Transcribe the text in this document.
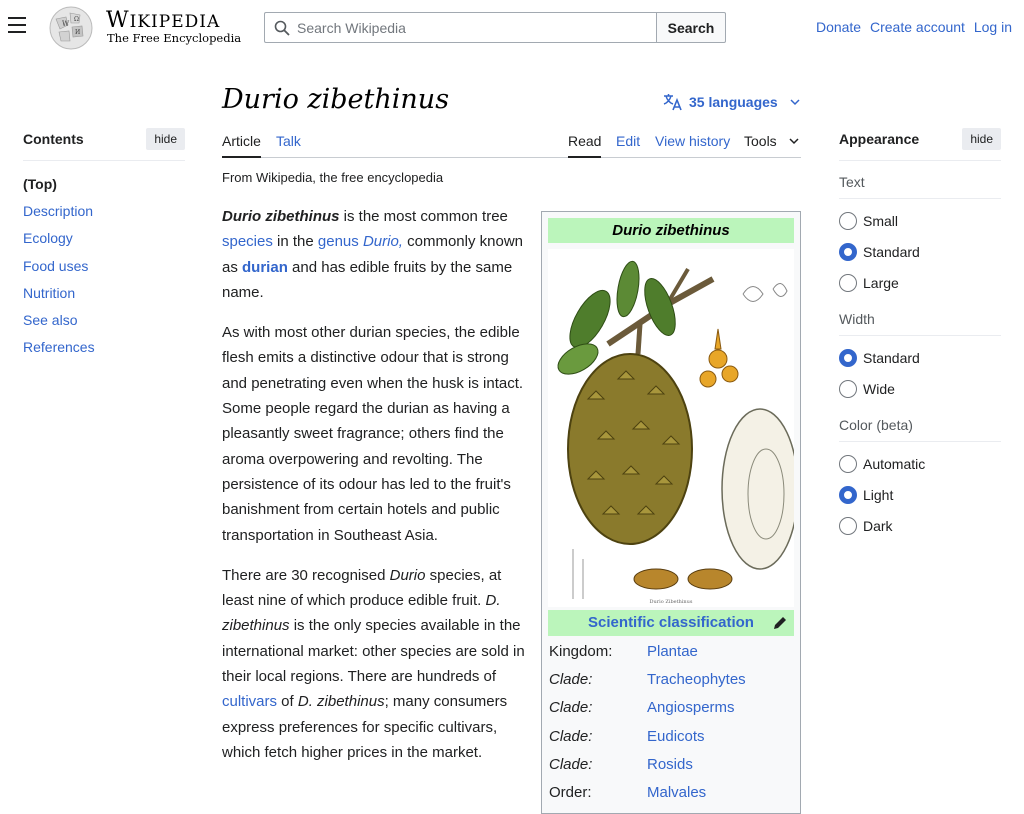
W
Ω
И WIKIPEDIA
The Free Encyclopedia
Search Wikipedia
Search	Donate Create account Log in
Durio zibethinus	35 languages
Article Talk	Read Edit View history Tools
From Wikipedia, the free encyclopedia
Contents	hide
(Top)
Description
Ecology
Food uses
Nutrition
See also
References

Durio zibethinus is the most common tree species in the genus Durio, commonly known as durian and has edible fruits by the same name.

As with most other durian species, the edible flesh emits a distinctive odour that is strong and penetrating even when the husk is intact. Some people regard the durian as having a pleasantly sweet fragrance; others find the aroma overpowering and revolting. The persistence of its odour has led to the fruit's banishment from certain hotels and public transportation in Southeast Asia.

There are 30 recognised Durio species, at least nine of which produce edible fruit. D. zibethinus is the only species available in the international market: other species are sold in their local regions. There are hundreds of cultivars of D. zibethinus; many consumers express preferences for specific cultivars, which fetch higher prices in the market.

Durio zibethinus
Durio Zibethinus
Scientific classification
Kingdom:	Plantae
Clade:	Tracheophytes
Clade:	Angiosperms
Clade:	Eudicots
Clade:	Rosids
Order:	Malvales
Appearance	hide
Text
Small
Standard
Large
Width
Standard
Wide
Color (beta)
Automatic
Light
Dark
